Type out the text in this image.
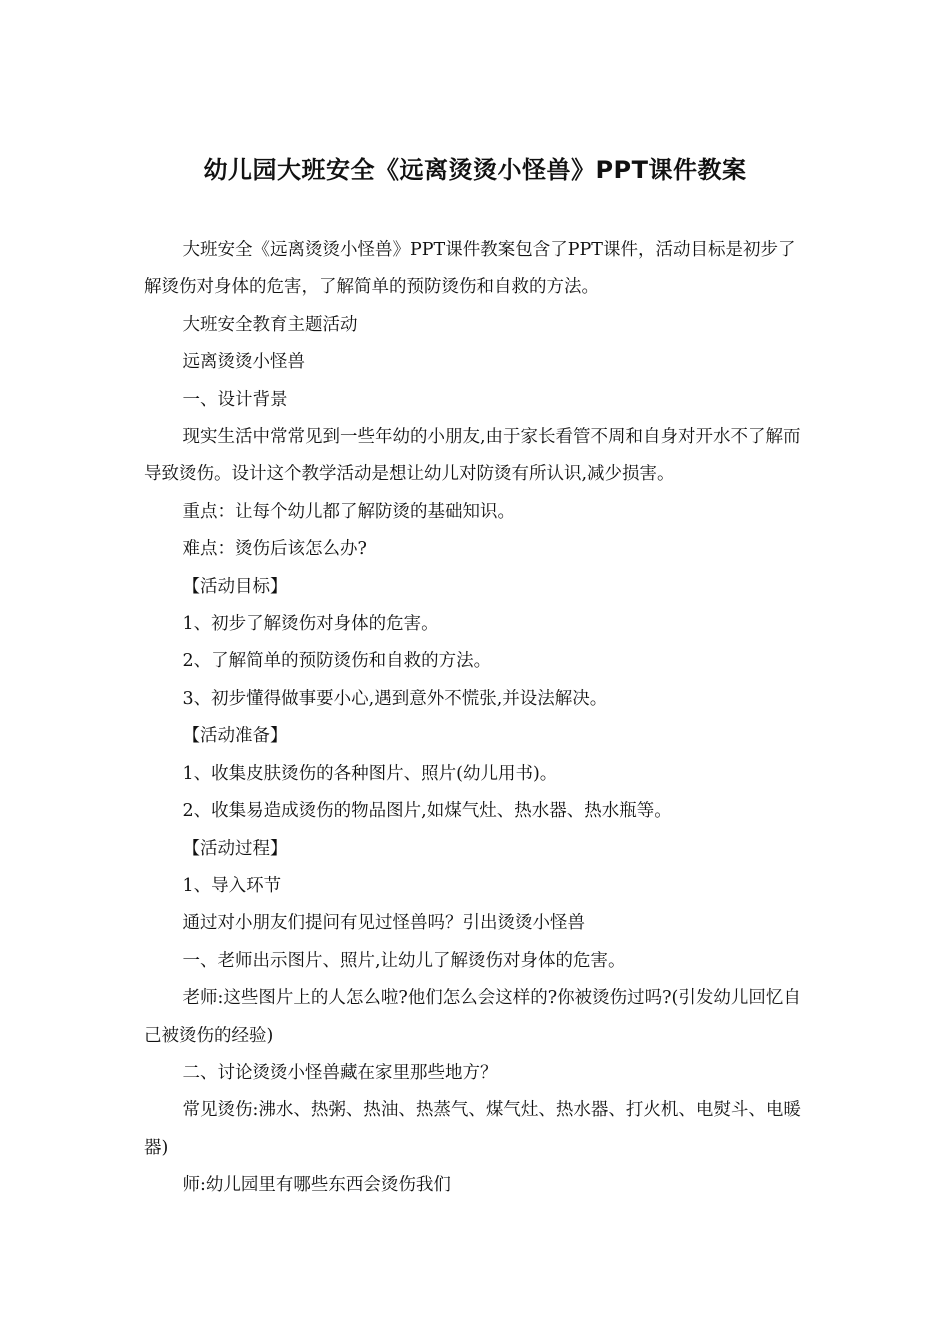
幼儿园大班安全《远离烫烫小怪兽》PPT课件教案

大班安全《远离烫烫小怪兽》PPT课件教案包含了PPT课件，活动目标是初步了解烫伤对身体的危害，了解简单的预防烫伤和自救的方法。

大班安全教育主题活动

远离烫烫小怪兽

一、设计背景

现实生活中常常见到一些年幼的小朋友,由于家长看管不周和自身对开水不了解而导致烫伤。设计这个教学活动是想让幼儿对防烫有所认识,减少损害。

重点：让每个幼儿都了解防烫的基础知识。

难点：烫伤后该怎么办?

【活动目标】

1、初步了解烫伤对身体的危害。

2、了解简单的预防烫伤和自救的方法。

3、初步懂得做事要小心,遇到意外不慌张,并设法解决。

【活动准备】

1、收集皮肤烫伤的各种图片、照片(幼儿用书)。

2、收集易造成烫伤的物品图片,如煤气灶、热水器、热水瓶等。

【活动过程】

1、导入环节

通过对小朋友们提问有见过怪兽吗？引出烫烫小怪兽

一、老师出示图片、照片,让幼儿了解烫伤对身体的危害。

老师:这些图片上的人怎么啦?他们怎么会这样的?你被烫伤过吗?(引发幼儿回忆自己被烫伤的经验)

二、讨论烫烫小怪兽藏在家里那些地方？

常见烫伤:沸水、热粥、热油、热蒸气、煤气灶、热水器、打火机、电熨斗、电暖器)

师:幼儿园里有哪些东西会烫伤我们
